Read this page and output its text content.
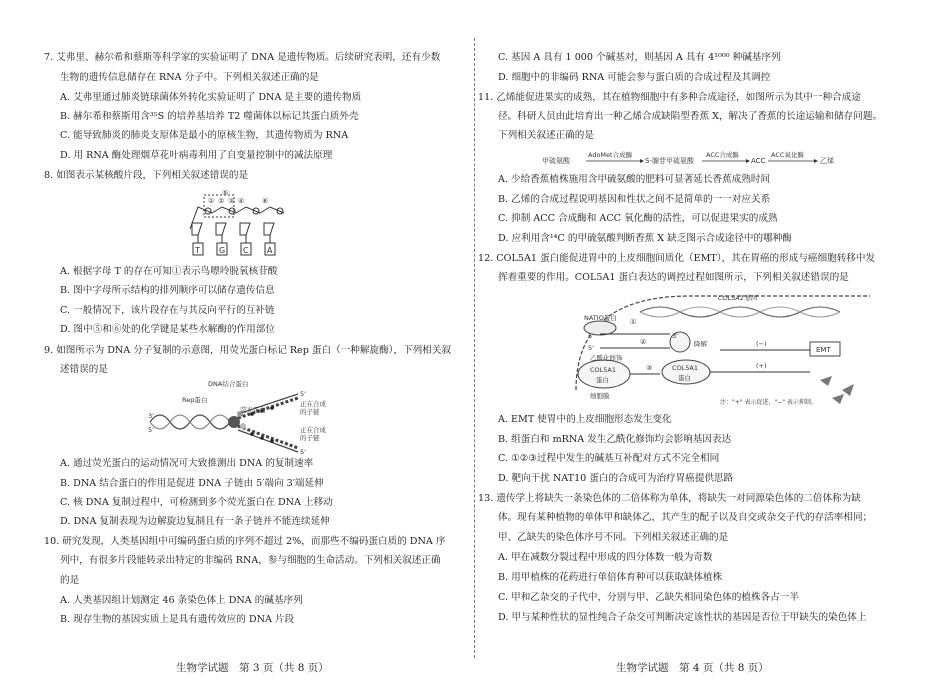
7. 艾弗里、赫尔希和蔡斯等科学家的实验证明了 DNA 是遗传物质。后续研究表明，还有少数
生物的遗传信息储存在 RNA 分子中。下列相关叙述正确的是
A. 艾弗里通过肺炎链球菌体外转化实验证明了 DNA 是主要的遗传物质
B. 赫尔希和蔡斯用含³⁵S 的培养基培养 T2 噬菌体以标记其蛋白质外壳
C. 能导致肺炎的肺炎支原体是最小的原核生物，其遗传物质为 RNA
D. 用 RNA 酶处理烟草花叶病毒利用了自变量控制中的减法原理
8. 如图表示某核酸片段，下列相关叙述错误的是
⑤
① ② ③ ④	⑥
T G C A
A. 根据字母 T 的存在可知①表示鸟嘌呤脱氧核苷酸
B. 图中字母所示结构的排列顺序可以储存遗传信息
C. 一般情况下，该片段存在与其反向平行的互补链
D. 图中⑤和⑥处的化学键是某些水解酶的作用部位
9. 如图所示为 DNA 分子复制的示意图，用荧光蛋白标记 Rep 蛋白（一种解旋酶），下列相关叙
述错误的是
DNA结合蛋白
Rep蛋白
荧光蛋白
5'
正在合成
的子链
3'
5'	正在合成
的子链
5'
A. 通过荧光蛋白的运动情况可大致推测出 DNA 的复制速率
B. DNA 结合蛋白的作用是促进 DNA 子链由 5′端向 3′端延伸
C. 核 DNA 复制过程中，可检测到多个荧光蛋白在 DNA 上移动
D. DNA 复制表现为边解旋边复制且有一条子链并不能连续延伸
10. 研究发现，人类基因组中可编码蛋白质的序列不超过 2%，而那些不编码蛋白质的 DNA 序
列中，有很多片段能转录出特定的非编码 RNA，参与细胞的生命活动。下列相关叙述正确
的是
A. 人类基因组计划测定 46 条染色体上 DNA 的碱基序列
B. 现存生物的基因实质上是具有遗传效应的 DNA 片段
生物学试题　第 3 页（共 8 页）
C. 基因 A 具有 1 000 个碱基对，则基因 A 具有 4¹⁰⁰⁰ 种碱基序列
D. 细胞中的非编码 RNA 可能会参与蛋白质的合成过程及其调控
11. 乙烯能促进果实的成熟，其在植物细胞中有多种合成途径，如图所示为其中一种合成途
径。科研人员由此培育出一种乙烯合成缺陷型香蕉 X，解决了香蕉的长途运输和储存问题。
下列相关叙述正确的是
甲硫氨酸
AdoMet合成酶
S-腺苷甲硫氨酸
ACC合成酶
ACC
ACC氧化酶
乙烯
A. 少给香蕉植株施用含甲硫氨酸的肥料可显著延长香蕉成熟时间
B. 乙烯的合成过程说明基因和性状之间不是简单的一一对应关系
C. 抑制 ACC 合成酶和 ACC 氧化酶的活性，可以促进果实的成熟
D. 应利用含¹⁴C 的甲硫氨酸判断香蕉 X 缺乏图示合成途径中的哪种酶
12. COL5A1 蛋白能促进胃中的上皮细胞间质化（EMT），其在胃癌的形成与癌细胞转移中发
挥着重要的作用。COL5A1 蛋白表达的调控过程如图所示，下列相关叙述错误的是
COL5A1基因
NATIO蛋白
5'	3'
5'
乙酰化修饰
降解
①
②
③
COL5A1
蛋白
COL5A1
蛋白
细胞膜
EMT
(−)
(+)
注："+" 表示促进，"−" 表示抑制。
A. EMT 使胃中的上皮细胞形态发生变化
B. 组蛋白和 mRNA 发生乙酰化修饰均会影响基因表达
C. ①②③过程中发生的碱基互补配对方式不完全相同
D. 靶向干扰 NAT10 蛋白的合成可为治疗胃癌提供思路
13. 遗传学上将缺失一条染色体的二倍体称为单体，将缺失一对同源染色体的二倍体称为缺
体。现有某种植物的单体甲和缺体乙，其产生的配子以及自交或杂交子代的存活率相同；
甲、乙缺失的染色体序号不同。下列相关叙述正确的是
A. 甲在减数分裂过程中形成的四分体数一般为奇数
B. 用甲植株的花药进行单倍体育种可以获取缺体植株
C. 甲和乙杂交的子代中，分别与甲、乙缺失相同染色体的植株各占一半
D. 甲与某种性状的显性纯合子杂交可判断决定该性状的基因是否位于甲缺失的染色体上
生物学试题　第 4 页（共 8 页）
